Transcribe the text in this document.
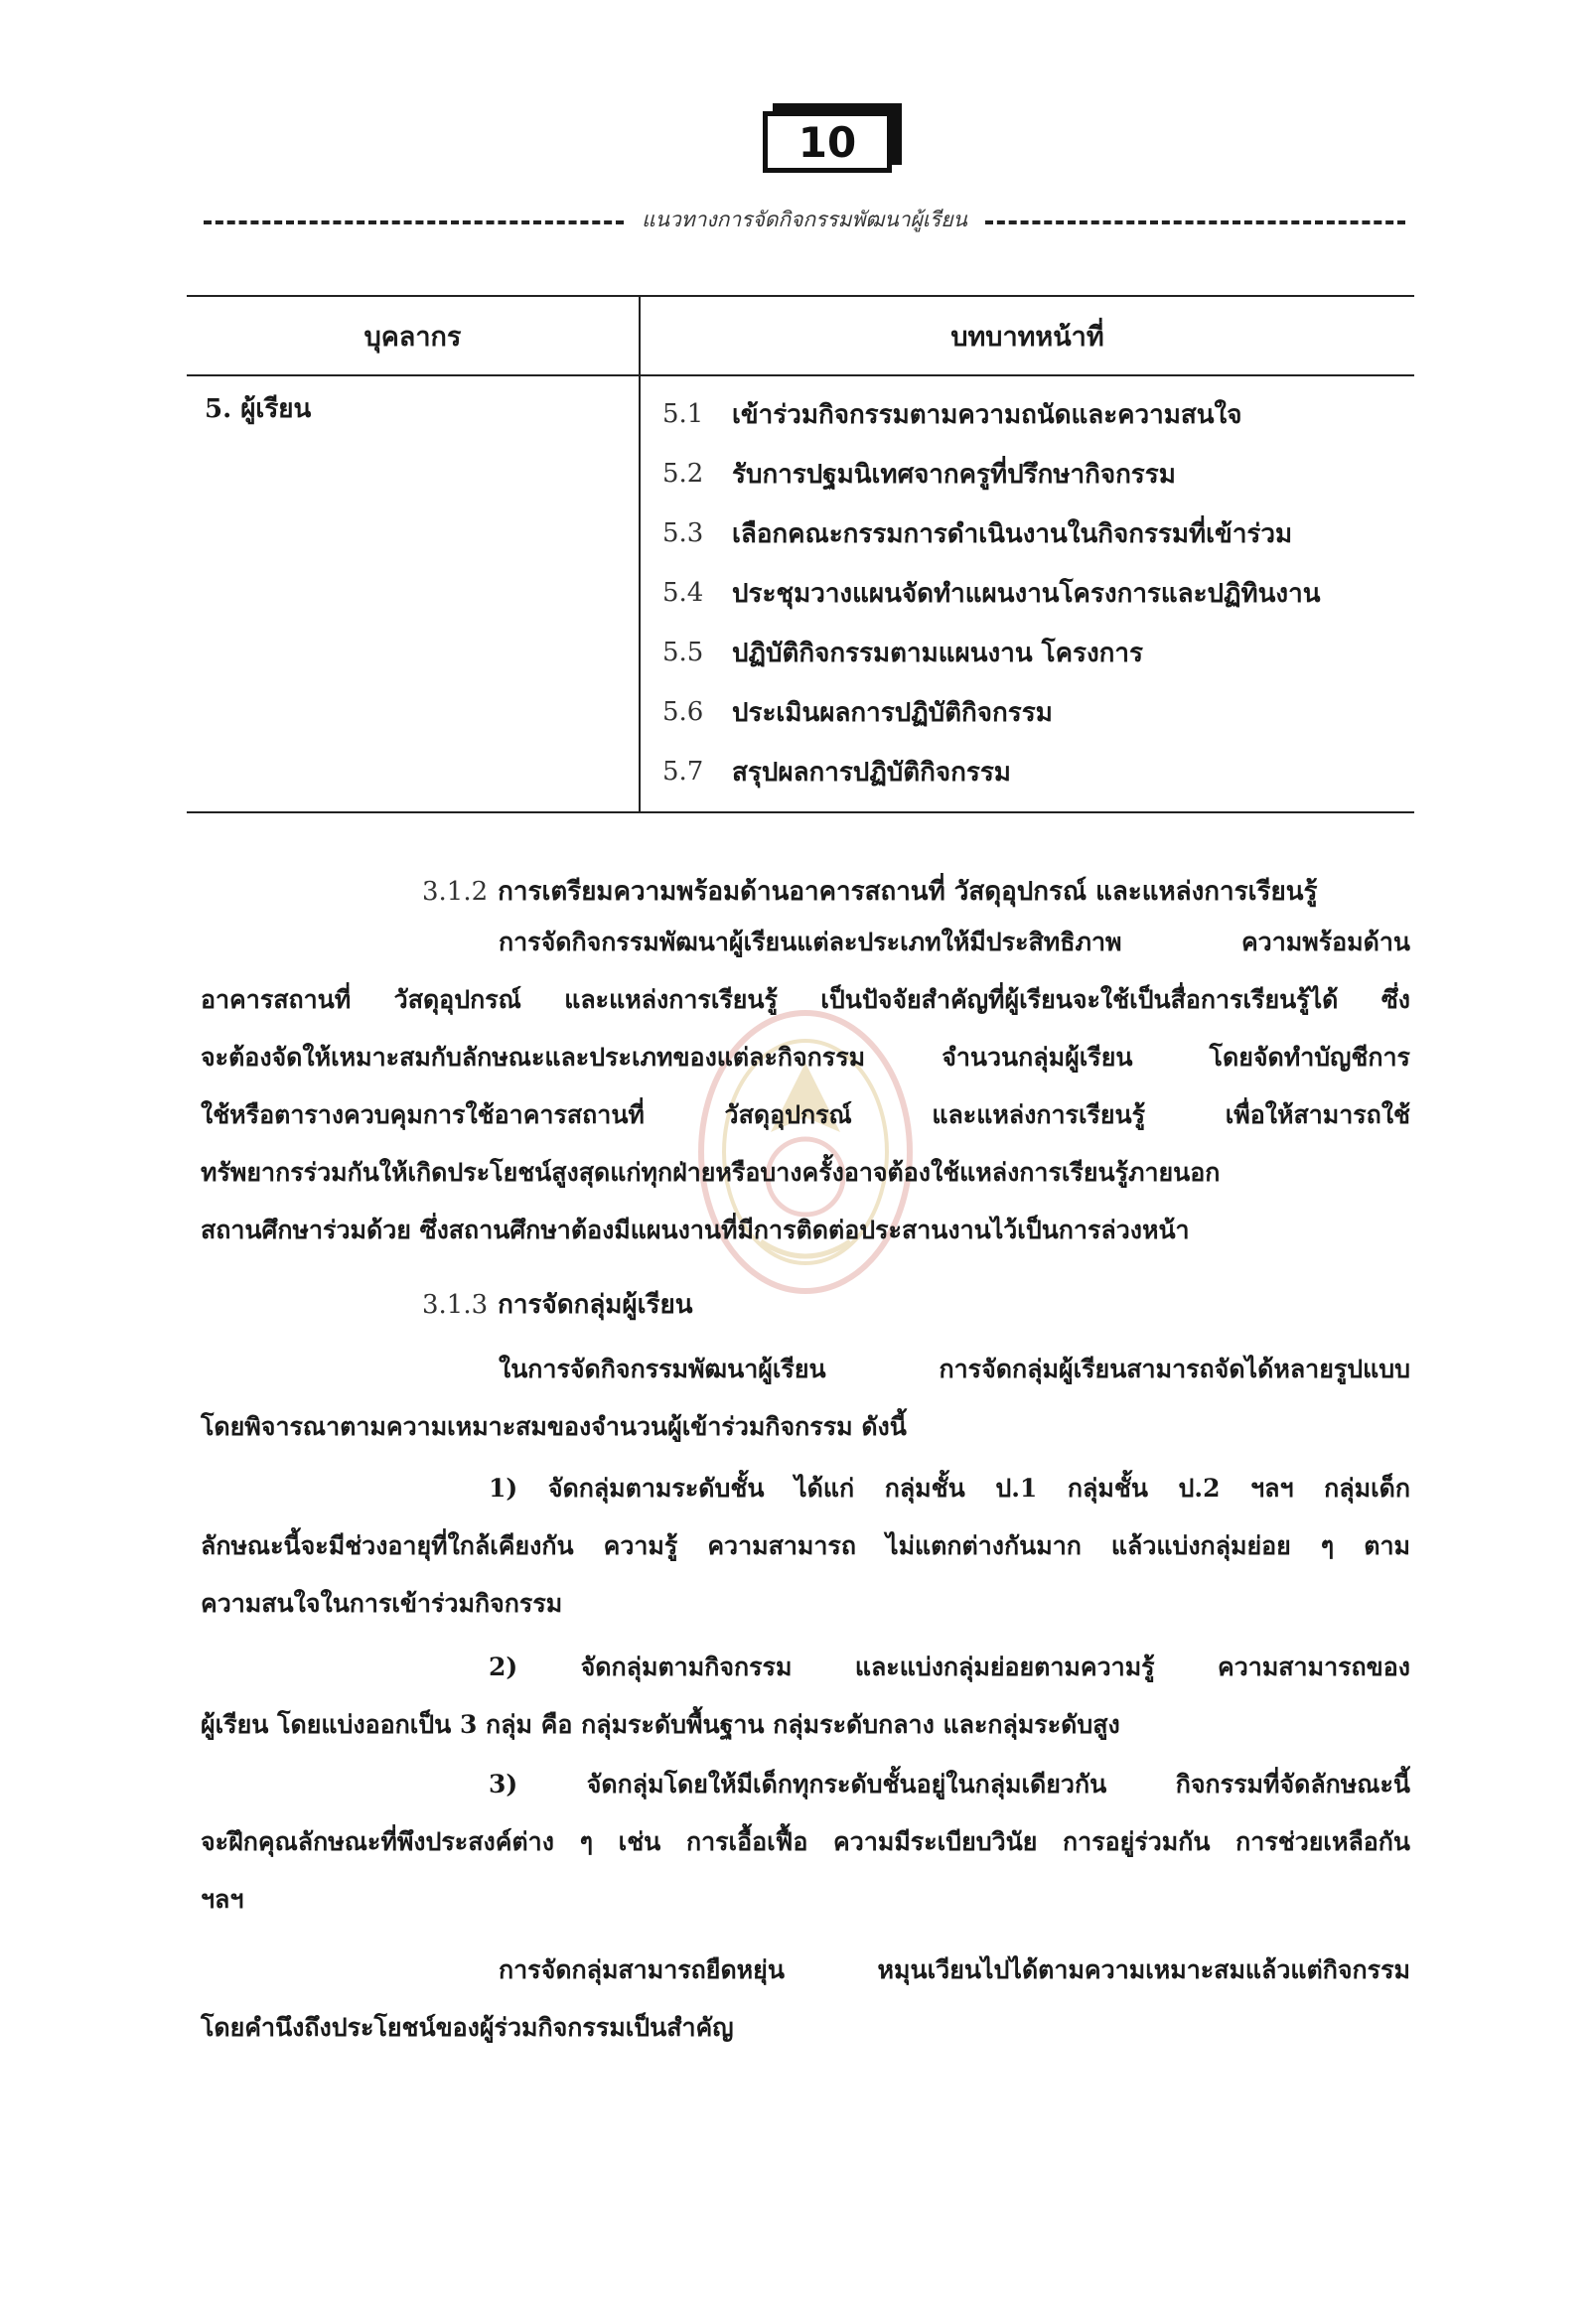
10
แนวทางการจัดกิจกรรมพัฒนาผู้เรียน
บุคลากร	บทบาทหน้าที่
5. ผู้เรียน	5.1	เข้าร่วมกิจกรรมตามความถนัดและความสนใจ
5.2	รับการปฐมนิเทศจากครูที่ปรึกษากิจกรรม
5.3	เลือกคณะกรรมการดำเนินงานในกิจกรรมที่เข้าร่วม
5.4	ประชุมวางแผนจัดทำแผนงานโครงการและปฏิทินงาน
5.5	ปฏิบัติกิจกรรมตามแผนงาน โครงการ
5.6	ประเมินผลการปฏิบัติกิจกรรม
5.7	สรุปผลการปฏิบัติกิจกรรม
3.1.2 การเตรียมความพร้อมด้านอาคารสถานที่ วัสดุอุปกรณ์ และแหล่งการเรียนรู้
การจัดกิจกรรมพัฒนาผู้เรียนแต่ละประเภทให้มีประสิทธิภาพ ความพร้อมด้าน
อาคารสถานที่ วัสดุอุปกรณ์ และแหล่งการเรียนรู้ เป็นปัจจัยสำคัญที่ผู้เรียนจะใช้เป็นสื่อการเรียนรู้ได้ ซึ่ง
จะต้องจัดให้เหมาะสมกับลักษณะและประเภทของแต่ละกิจกรรม จำนวนกลุ่มผู้เรียน โดยจัดทำบัญชีการ
ใช้หรือตารางควบคุมการใช้อาคารสถานที่ วัสดุอุปกรณ์ และแหล่งการเรียนรู้ เพื่อให้สามารถใช้
ทรัพยากรร่วมกันให้เกิดประโยชน์สูงสุดแก่ทุกฝ่ายหรือบางครั้งอาจต้องใช้แหล่งการเรียนรู้ภายนอก
สถานศึกษาร่วมด้วย ซึ่งสถานศึกษาต้องมีแผนงานที่มีการติดต่อประสานงานไว้เป็นการล่วงหน้า
3.1.3 การจัดกลุ่มผู้เรียน
ในการจัดกิจกรรมพัฒนาผู้เรียน การจัดกลุ่มผู้เรียนสามารถจัดได้หลายรูปแบบ
โดยพิจารณาตามความเหมาะสมของจำนวนผู้เข้าร่วมกิจกรรม ดังนี้
1) จัดกลุ่มตามระดับชั้น ได้แก่ กลุ่มชั้น ป.1 กลุ่มชั้น ป.2 ฯลฯ กลุ่มเด็ก
ลักษณะนี้จะมีช่วงอายุที่ใกล้เคียงกัน ความรู้ ความสามารถ ไม่แตกต่างกันมาก แล้วแบ่งกลุ่มย่อย ๆ ตาม
ความสนใจในการเข้าร่วมกิจกรรม
2) จัดกลุ่มตามกิจกรรม และแบ่งกลุ่มย่อยตามความรู้ ความสามารถของ
ผู้เรียน โดยแบ่งออกเป็น 3 กลุ่ม คือ กลุ่มระดับพื้นฐาน กลุ่มระดับกลาง และกลุ่มระดับสูง
3) จัดกลุ่มโดยให้มีเด็กทุกระดับชั้นอยู่ในกลุ่มเดียวกัน กิจกรรมที่จัดลักษณะนี้
จะฝึกคุณลักษณะที่พึงประสงค์ต่าง ๆ เช่น การเอื้อเฟื้อ ความมีระเบียบวินัย การอยู่ร่วมกัน การช่วยเหลือกัน
ฯลฯ
การจัดกลุ่มสามารถยืดหยุ่น หมุนเวียนไปได้ตามความเหมาะสมแล้วแต่กิจกรรม
โดยคำนึงถึงประโยชน์ของผู้ร่วมกิจกรรมเป็นสำคัญ
